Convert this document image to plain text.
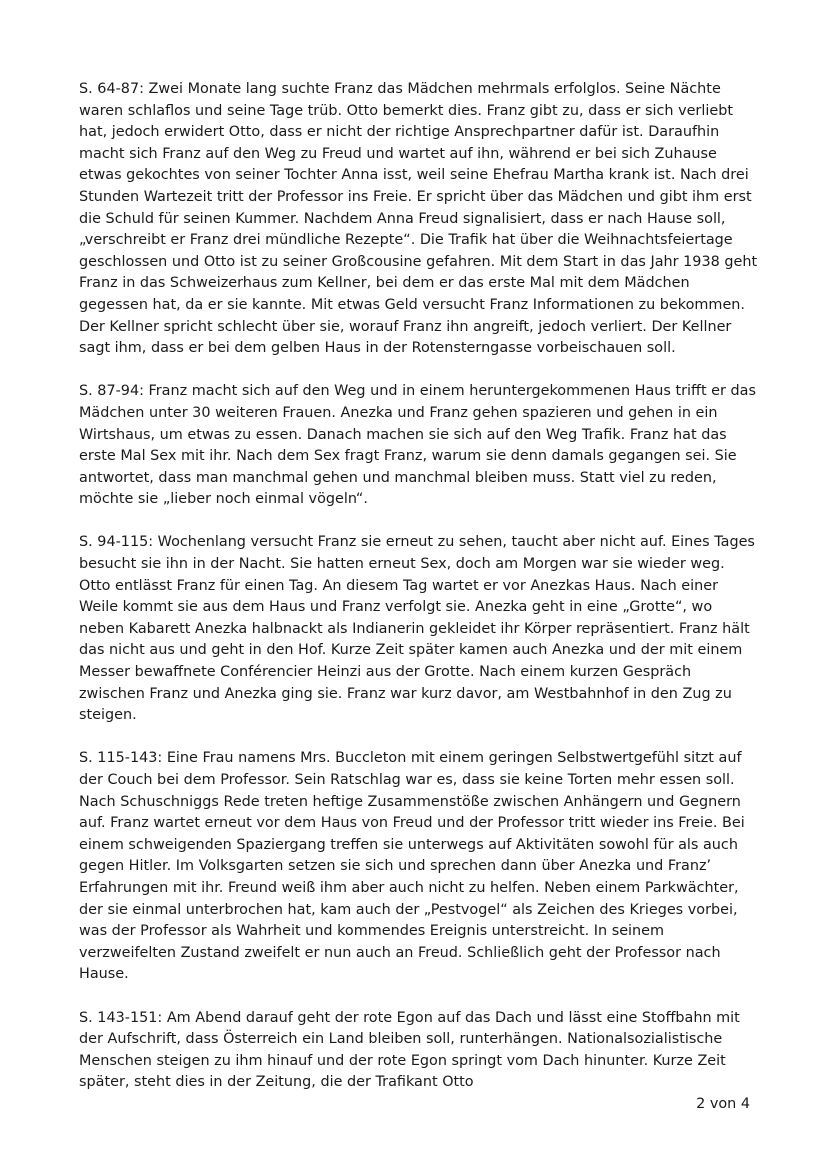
S. 64-87: Zwei Monate lang suchte Franz das Mädchen mehrmals erfolglos. Seine Nächte waren schlaflos und seine Tage trüb. Otto bemerkt dies. Franz gibt zu, dass er sich verliebt hat, jedoch erwidert Otto, dass er nicht der richtige Ansprechpartner dafür ist. Daraufhin macht sich Franz auf den Weg zu Freud und wartet auf ihn, während er bei sich Zuhause etwas gekochtes von seiner Tochter Anna isst, weil seine Ehefrau Martha krank ist. Nach drei Stunden Wartezeit tritt der Professor ins Freie. Er spricht über das Mädchen und gibt ihm erst die Schuld für seinen Kummer. Nachdem Anna Freud signalisiert, dass er nach Hause soll, „verschreibt er Franz drei mündliche Rezepte“. Die Trafik hat über die Weihnachtsfeiertage geschlossen und Otto ist zu seiner Großcousine gefahren. Mit dem Start in das Jahr 1938 geht Franz in das Schweizerhaus zum Kellner, bei dem er das erste Mal mit dem Mädchen gegessen hat, da er sie kannte. Mit etwas Geld versucht Franz Informationen zu bekommen. Der Kellner spricht schlecht über sie, worauf Franz ihn angreift, jedoch verliert. Der Kellner sagt ihm, dass er bei dem gelben Haus in der Rotensterngasse vorbeischauen soll.

S. 87-94: Franz macht sich auf den Weg und in einem heruntergekommenen Haus trifft er das Mädchen unter 30 weiteren Frauen. Anezka und Franz gehen spazieren und gehen in ein Wirtshaus, um etwas zu essen. Danach machen sie sich auf den Weg Trafik. Franz hat das erste Mal Sex mit ihr. Nach dem Sex fragt Franz, warum sie denn damals gegangen sei. Sie antwortet, dass man manchmal gehen und manchmal bleiben muss. Statt viel zu reden, möchte sie „lieber noch einmal vögeln“.

S. 94-115: Wochenlang versucht Franz sie erneut zu sehen, taucht aber nicht auf. Eines Tages besucht sie ihn in der Nacht. Sie hatten erneut Sex, doch am Morgen war sie wieder weg. Otto entlässt Franz für einen Tag. An diesem Tag wartet er vor Anezkas Haus. Nach einer Weile kommt sie aus dem Haus und Franz verfolgt sie. Anezka geht in eine „Grotte“, wo neben Kabarett Anezka halbnackt als Indianerin gekleidet ihr Körper repräsentiert. Franz hält das nicht aus und geht in den Hof. Kurze Zeit später kamen auch Anezka und der mit einem Messer bewaffnete Conférencier Heinzi aus der Grotte. Nach einem kurzen Gespräch zwischen Franz und Anezka ging sie. Franz war kurz davor, am Westbahnhof in den Zug zu steigen.

S. 115-143: Eine Frau namens Mrs. Buccleton mit einem geringen Selbstwertgefühl sitzt auf der Couch bei dem Professor. Sein Ratschlag war es, dass sie keine Torten mehr essen soll. Nach Schuschniggs Rede treten heftige Zusammenstöße zwischen Anhängern und Gegnern auf. Franz wartet erneut vor dem Haus von Freud und der Professor tritt wieder ins Freie. Bei einem schweigenden Spaziergang treffen sie unterwegs auf Aktivitäten sowohl für als auch gegen Hitler. Im Volksgarten setzen sie sich und sprechen dann über Anezka und Franz’ Erfahrungen mit ihr. Freund weiß ihm aber auch nicht zu helfen. Neben einem Parkwächter, der sie einmal unterbrochen hat, kam auch der „Pestvogel“ als Zeichen des Krieges vorbei, was der Professor als Wahrheit und kommendes Ereignis unterstreicht. In seinem verzweifelten Zustand zweifelt er nun auch an Freud. Schließlich geht der Professor nach Hause.

S. 143-151: Am Abend darauf geht der rote Egon auf das Dach und lässt eine Stoffbahn mit der Aufschrift, dass Österreich ein Land bleiben soll, runterhängen. Nationalsozialistische Menschen steigen zu ihm hinauf und der rote Egon springt vom Dach hinunter. Kurze Zeit später, steht dies in der Zeitung, die der Trafikant Otto

2 von 4
